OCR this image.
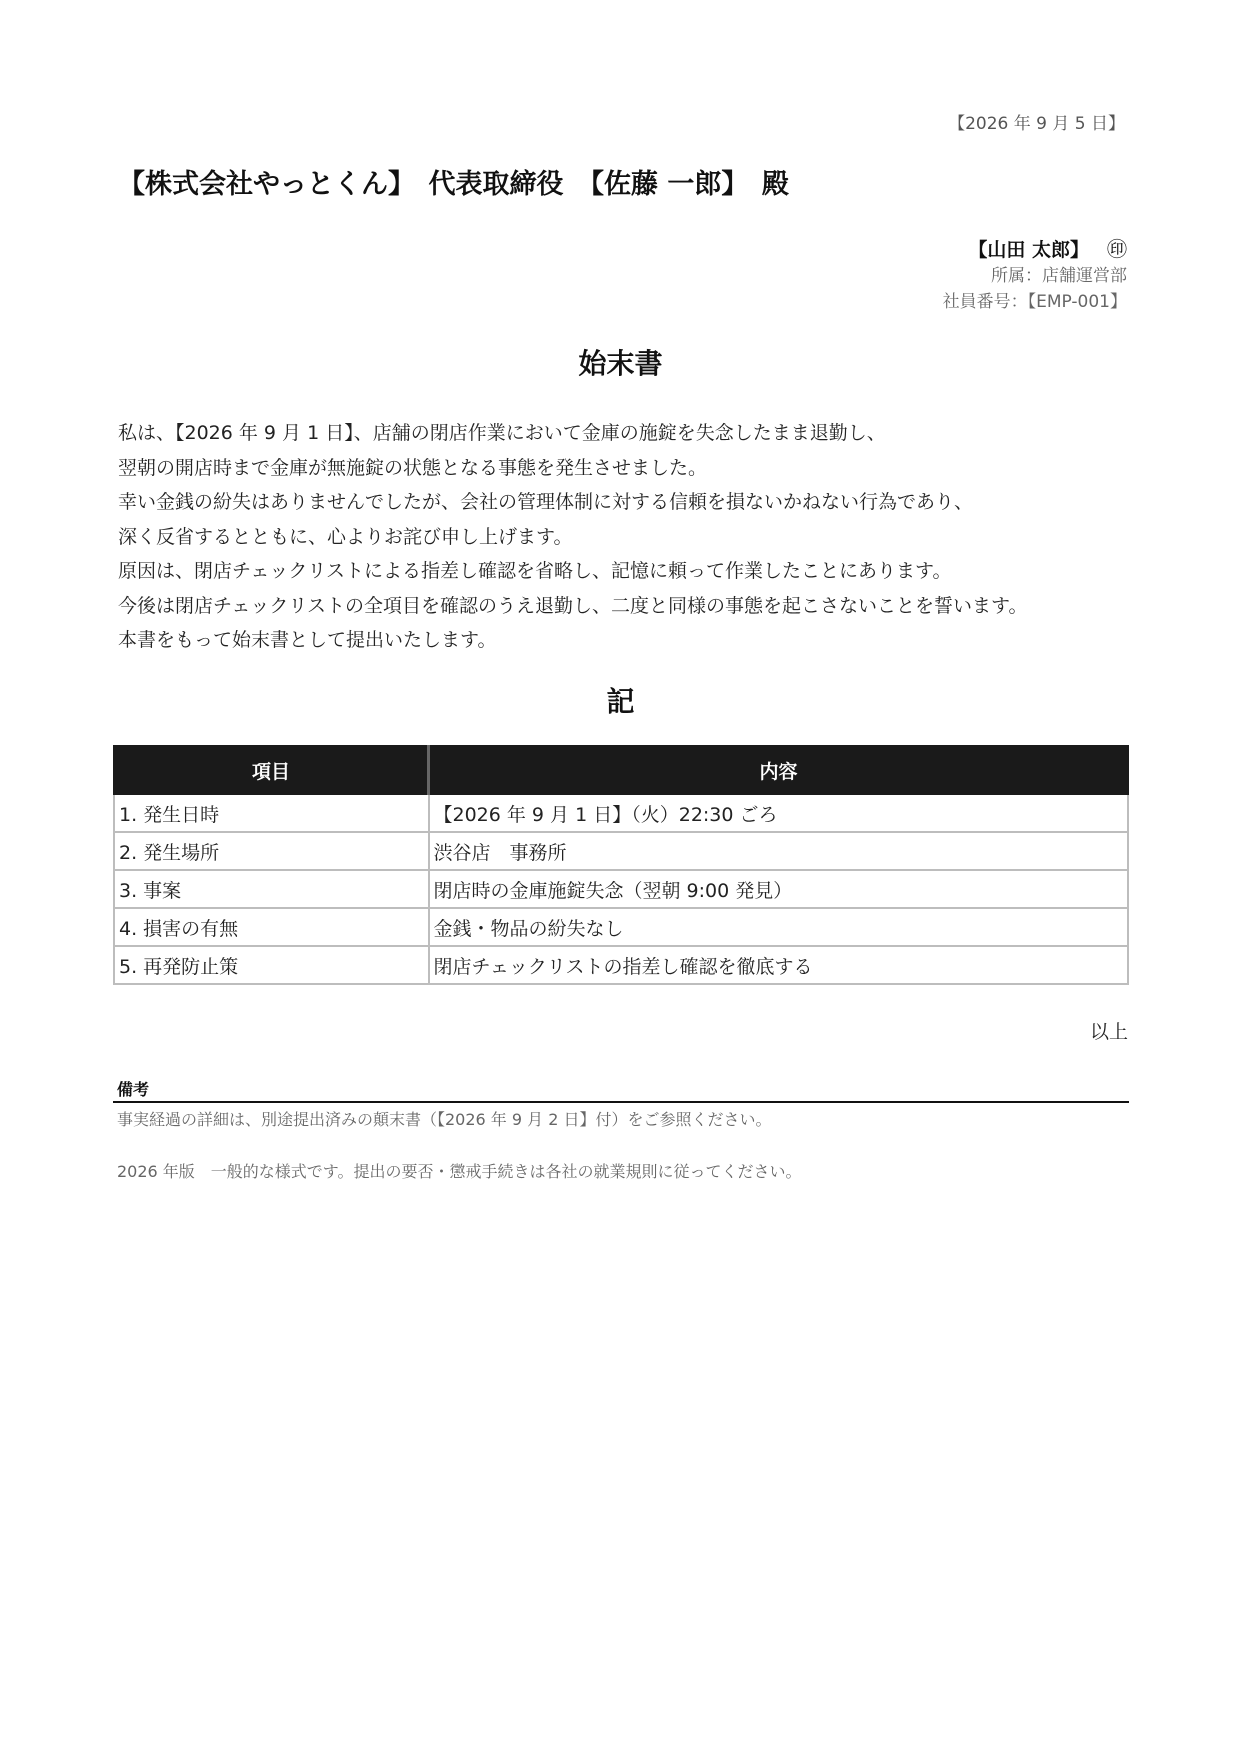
【2026 年 9 月 5 日】
【株式会社やっとくん】　代表取締役　【佐藤 一郎】　殿
【山田 太郎】 ㊞
所属：店舗運営部
社員番号：【EMP-001】
始末書

私は、【2026 年 9 月 1 日】、店舗の閉店作業において金庫の施錠を失念したまま退勤し、

翌朝の開店時まで金庫が無施錠の状態となる事態を発生させました。

幸い金銭の紛失はありませんでしたが、会社の管理体制に対する信頼を損ないかねない行為であり、

深く反省するとともに、心よりお詫び申し上げます。

原因は、閉店チェックリストによる指差し確認を省略し、記憶に頼って作業したことにあります。

今後は閉店チェックリストの全項目を確認のうえ退勤し、二度と同様の事態を起こさないことを誓います。

本書をもって始末書として提出いたします。

記
項目	内容
1. 発生日時	【2026 年 9 月 1 日】（火）22:30 ごろ
2. 発生場所	渋谷店　事務所
3. 事案	閉店時の金庫施錠失念（翌朝 9:00 発見）
4. 損害の有無	金銭・物品の紛失なし
5. 再発防止策	閉店チェックリストの指差し確認を徹底する
以上
備考
事実経過の詳細は、別途提出済みの顛末書（【2026 年 9 月 2 日】付）をご参照ください。
2026 年版　一般的な様式です。提出の要否・懲戒手続きは各社の就業規則に従ってください。
